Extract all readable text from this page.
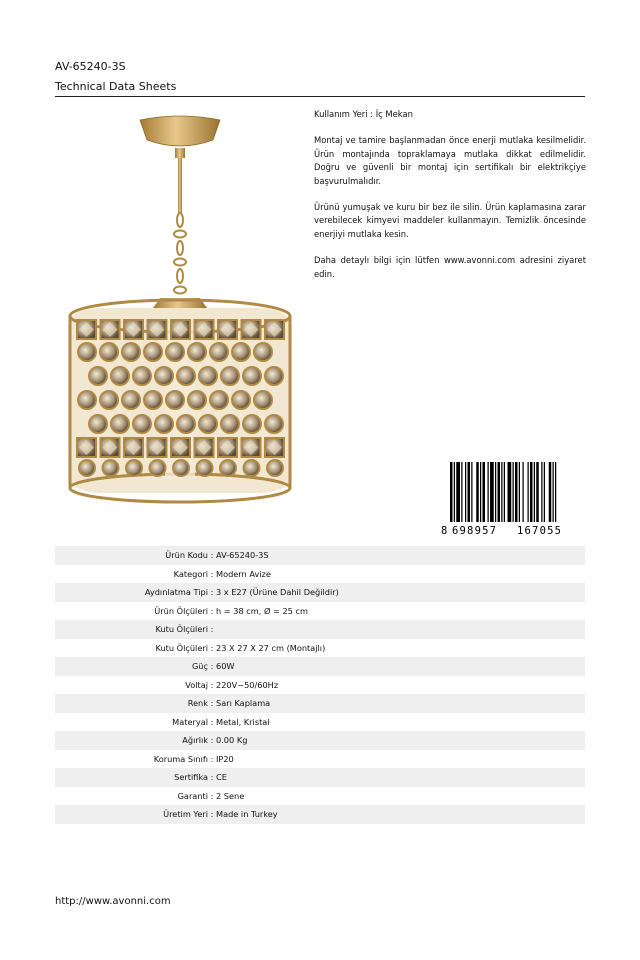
AV-65240-3S
Technical Data Sheets

Kullanım Yeri : İç Mekan

Montaj ve tamire başlanmadan önce enerji mutlaka kesilmelidir. Ürün montajında topraklamaya mutlaka dikkat edilmelidir. Doğru ve güvenli bir montaj için sertifikalı bir elektrikçiye başvurulmalıdır.

Ürünü yumuşak ve kuru bir bez ile silin. Ürün kaplamasına zarar verebilecek kimyevi maddeler kullanmayın. Temizlik öncesinde enerjiyi mutlaka kesin.

Daha detaylı bilgi için lütfen www.avonni.com adresini ziyaret edin.

8 698957 167055
Ürün Kodu	:	AV-65240-3S
Kategori	:	Modern Avize
Aydınlatma Tipi	:	3 x E27 (Ürüne Dahil Değildir)
Ürün Ölçüleri	:	h = 38 cm, Ø = 25 cm
Kutu Ölçüleri	:	
Kutu Ölçüleri	:	23 X 27 X 27 cm (Montajlı)
Güç	:	60W
Voltaj	:	220V~50/60Hz
Renk	:	Sarı Kaplama
Materyal	:	Metal, Kristal
Ağırlık	:	0.00 Kg
Koruma Sınıfı	:	IP20
Sertifika	:	CE
Garanti	:	2 Sene
Üretim Yeri	:	Made in Turkey
http://www.avonni.com
